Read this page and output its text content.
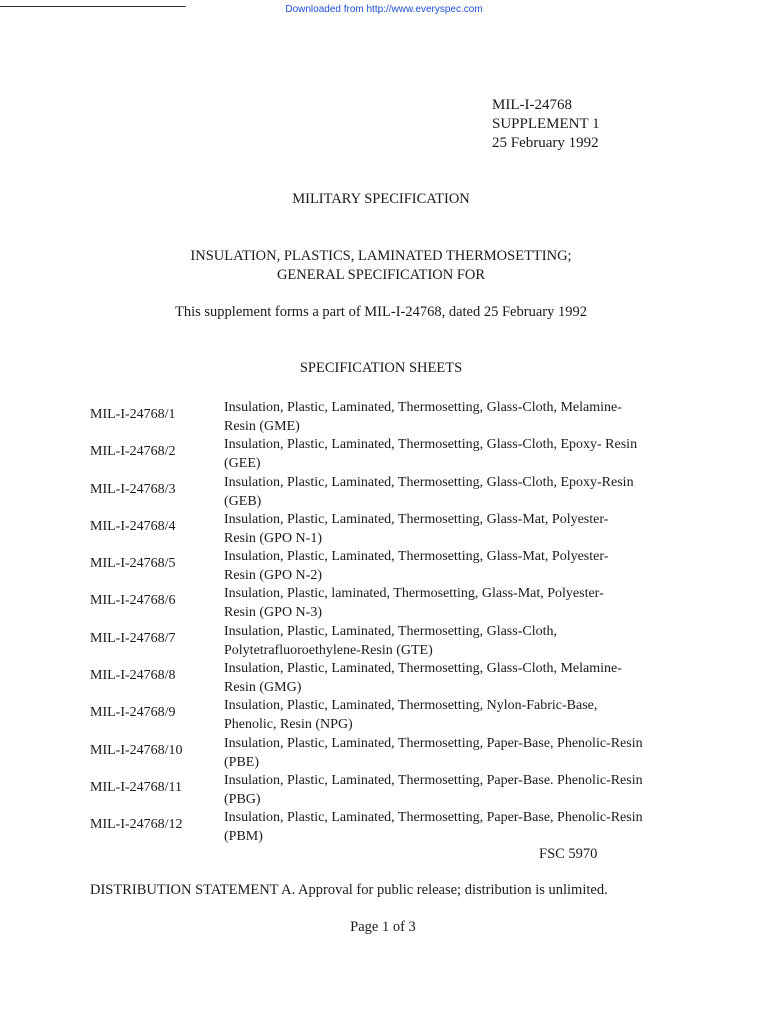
Downloaded from http://www.everyspec.com
MIL-I-24768
SUPPLEMENT 1
25 February 1992
MILITARY SPECIFICATION
INSULATION, PLASTICS, LAMINATED THERMOSETTING;
GENERAL SPECIFICATION FOR
This supplement forms a part of MIL-I-24768, dated 25 February 1992
SPECIFICATION SHEETS
MIL-I-24768/1	Insulation, Plastic, Laminated, Thermosetting, Glass-Cloth, Melamine-
Resin (GME)
MIL-I-24768/2	Insulation, Plastic, Laminated, Thermosetting, Glass-Cloth, Epoxy- Resin
(GEE)
MIL-I-24768/3	Insulation, Plastic, Laminated, Thermosetting, Glass-Cloth, Epoxy-Resin
(GEB)
MIL-I-24768/4	Insulation, Plastic, Laminated, Thermosetting, Glass-Mat, Polyester-
Resin (GPO N-1)
MIL-I-24768/5	Insulation, Plastic, Laminated, Thermosetting, Glass-Mat, Polyester-
Resin (GPO N-2)
MIL-I-24768/6	Insulation, Plastic, laminated, Thermosetting, Glass-Mat, Polyester-
Resin (GPO N-3)
MIL-I-24768/7	Insulation, Plastic, Laminated, Thermosetting, Glass-Cloth,
Polytetrafluoroethylene-Resin (GTE)
MIL-I-24768/8	Insulation, Plastic, Laminated, Thermosetting, Glass-Cloth, Melamine-
Resin (GMG)
MIL-I-24768/9	Insulation, Plastic, Laminated, Thermosetting, Nylon-Fabric-Base,
Phenolic, Resin (NPG)
MIL-I-24768/10	Insulation, Plastic, Laminated, Thermosetting, Paper-Base, Phenolic-Resin
(PBE)
MIL-I-24768/11	Insulation, Plastic, Laminated, Thermosetting, Paper-Base. Phenolic-Resin
(PBG)
MIL-I-24768/12	Insulation, Plastic, Laminated, Thermosetting, Paper-Base, Phenolic-Resin
(PBM)
FSC 5970
DISTRIBUTION STATEMENT A. Approval for public release; distribution is unlimited.
Page 1 of 3
